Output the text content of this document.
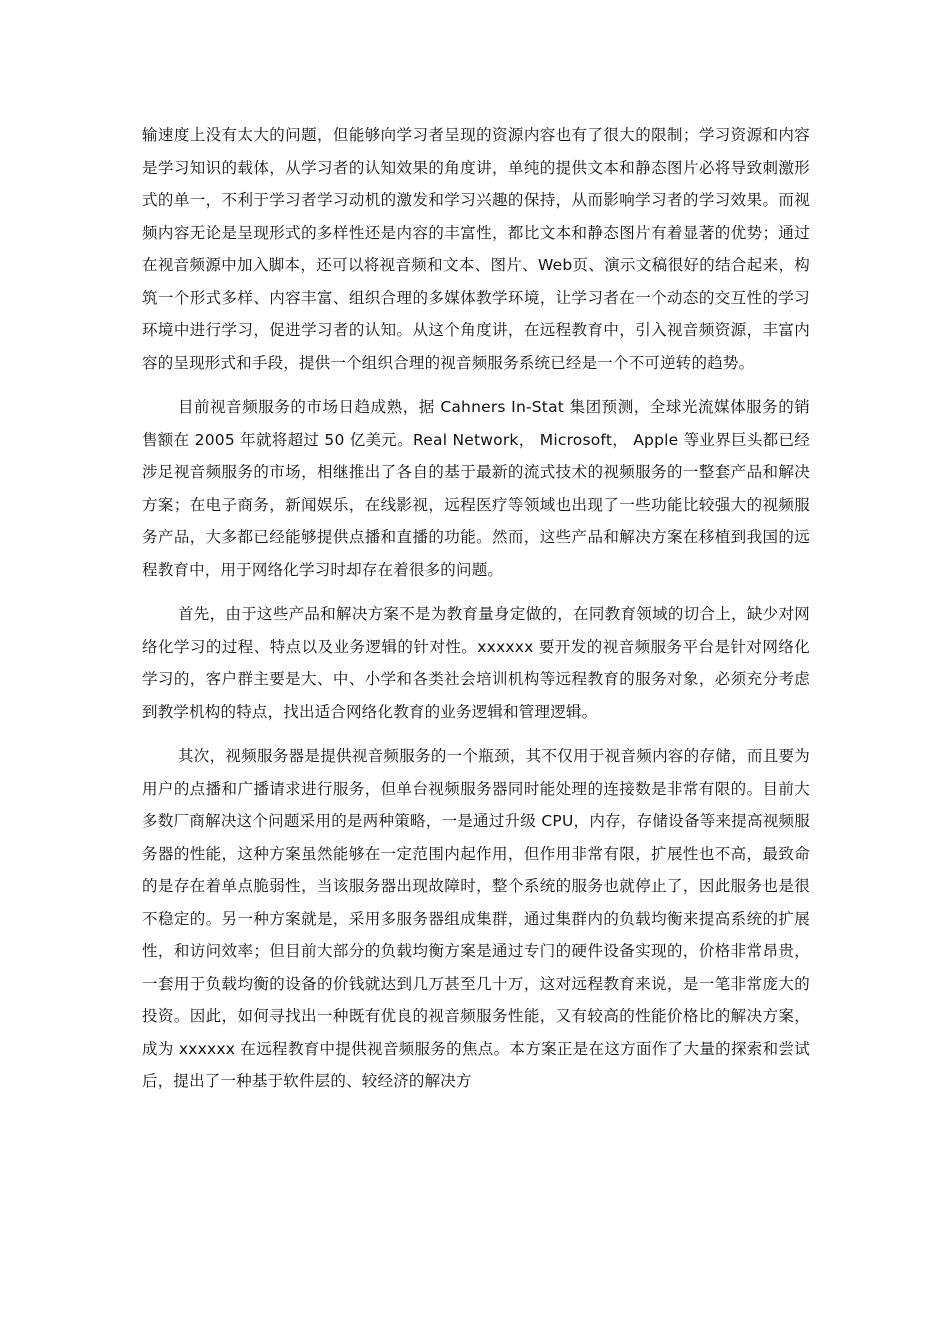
输速度上没有太大的问题，但能够向学习者呈现的资源内容也有了很大的限制；学习资源和内容是学习知识的载体，从学习者的认知效果的角度讲，单纯的提供文本和静态图片必将导致刺激形式的单一，不利于学习者学习动机的激发和学习兴趣的保持，从而影响学习者的学习效果。而视频内容无论是呈现形式的多样性还是内容的丰富性，都比文本和静态图片有着显著的优势；通过在视音频源中加入脚本，还可以将视音频和文本、图片、Web页、演示文稿很好的结合起来，构筑一个形式多样、内容丰富、组织合理的多媒体教学环境，让学习者在一个动态的交互性的学习环境中进行学习，促进学习者的认知。从这个角度讲，在远程教育中，引入视音频资源，丰富内容的呈现形式和手段，提供一个组织合理的视音频服务系统已经是一个不可逆转的趋势。

目前视音频服务的市场日趋成熟，据 Cahners In-Stat 集团预测，全球光流媒体服务的销售额在 2005 年就将超过 50 亿美元。Real Network， Microsoft， Apple 等业界巨头都已经涉足视音频服务的市场，相继推出了各自的基于最新的流式技术的视频服务的一整套产品和解决方案；在电子商务，新闻娱乐，在线影视，远程医疗等领域也出现了一些功能比较强大的视频服务产品，大多都已经能够提供点播和直播的功能。然而，这些产品和解决方案在移植到我国的远程教育中，用于网络化学习时却存在着很多的问题。

首先，由于这些产品和解决方案不是为教育量身定做的，在同教育领域的切合上，缺少对网络化学习的过程、特点以及业务逻辑的针对性。xxxxxx 要开发的视音频服务平台是针对网络化学习的，客户群主要是大、中、小学和各类社会培训机构等远程教育的服务对象，必须充分考虑到教学机构的特点，找出适合网络化教育的业务逻辑和管理逻辑。

其次，视频服务器是提供视音频服务的一个瓶颈，其不仅用于视音频内容的存储，而且要为用户的点播和广播请求进行服务，但单台视频服务器同时能处理的连接数是非常有限的。目前大多数厂商解决这个问题采用的是两种策略，一是通过升级 CPU，内存，存储设备等来提高视频服务器的性能，这种方案虽然能够在一定范围内起作用，但作用非常有限，扩展性也不高，最致命的是存在着单点脆弱性，当该服务器出现故障时，整个系统的服务也就停止了，因此服务也是很不稳定的。另一种方案就是，采用多服务器组成集群，通过集群内的负载均衡来提高系统的扩展性，和访问效率；但目前大部分的负载均衡方案是通过专门的硬件设备实现的，价格非常昂贵，一套用于负载均衡的设备的价钱就达到几万甚至几十万，这对远程教育来说，是一笔非常庞大的投资。因此，如何寻找出一种既有优良的视音频服务性能，又有较高的性能价格比的解决方案，成为 xxxxxx 在远程教育中提供视音频服务的焦点。本方案正是在这方面作了大量的探索和尝试后，提出了一种基于软件层的、较经济的解决方
